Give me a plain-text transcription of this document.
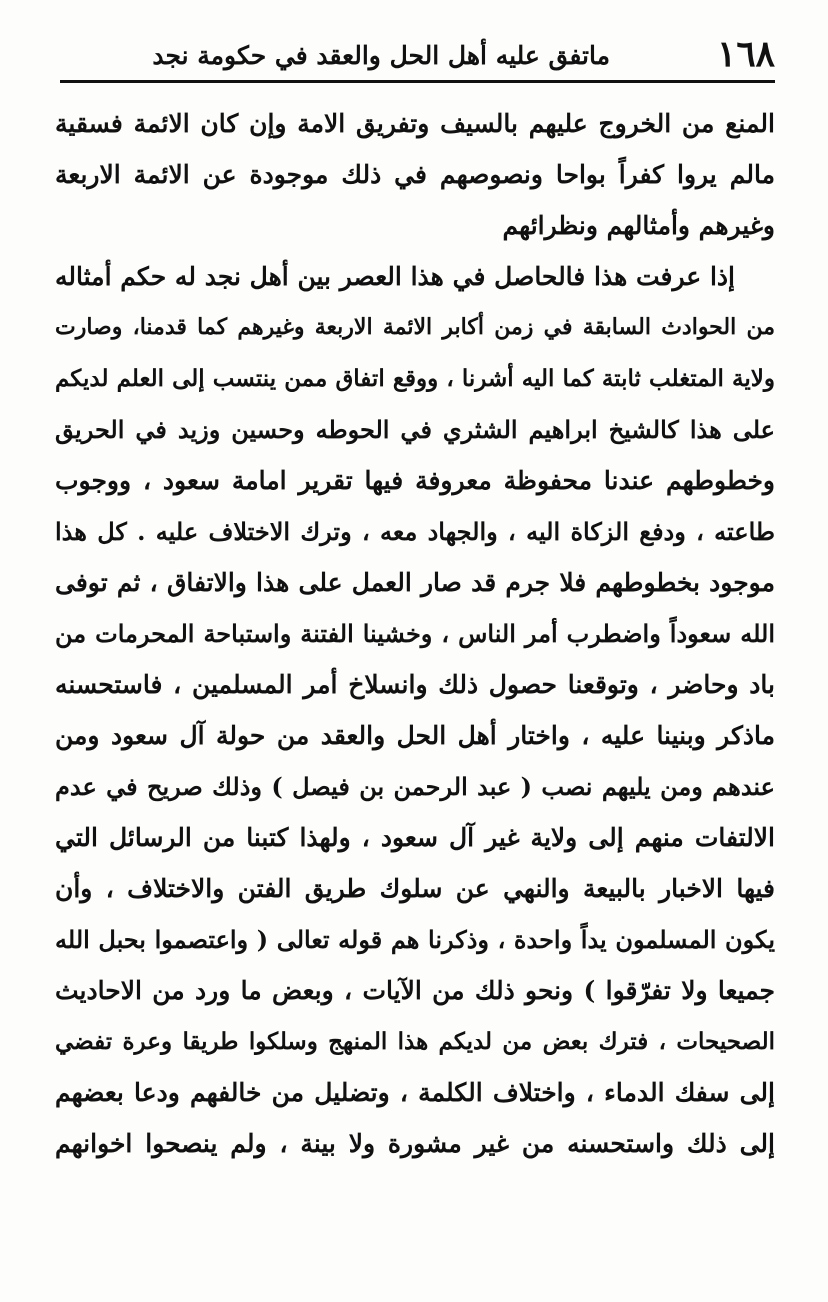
١٦٨
ماتفق عليه أهل الحل والعقد في حكومة نجد
المنع من الخروج عليهم بالسيف وتفريق الامة وإن كان الائمة فسقية
مالم يروا كفراً بواحا ونصوصهم في ذلك موجودة عن الائمة الاربعة
وغيرهم وأمثالهم ونظرائهم
إذا عرفت هذا فالحاصل في هذا العصر بين أهل نجد له حكم أمثاله
من الحوادث السابقة في زمن أكابر الائمة الاربعة وغيرهم كما قدمنا، وصارت
ولاية المتغلب ثابتة كما اليه أشرنا ، ووقع اتفاق ممن ينتسب إلى العلم لديكم
على هذا كالشيخ ابراهيم الشثري في الحوطه وحسين وزيد في الحريق
وخطوطهم عندنا محفوظة معروفة فيها تقرير امامة سعود ، ووجوب
طاعته ، ودفع الزكاة اليه ، والجهاد معه ، وترك الاختلاف عليه . كل هذا
موجود بخطوطهم فلا جرم قد صار العمل على هذا والاتفاق ، ثم توفى
الله سعوداً واضطرب أمر الناس ، وخشينا الفتنة واستباحة المحرمات من
باد وحاضر ، وتوقعنا حصول ذلك وانسلاخ أمر المسلمين ، فاستحسنه
ماذكر وبنينا عليه ، واختار أهل الحل والعقد من حولة آل سعود ومن
عندهم ومن يليهم نصب ( عبد الرحمن بن فيصل ) وذلك صريح في عدم
الالتفات منهم إلى ولاية غير آل سعود ، ولهذا كتبنا من الرسائل التي
فيها الاخبار بالبيعة والنهي عن سلوك طريق الفتن والاختلاف ، وأن
يكون المسلمون يداً واحدة ، وذكرنا هم قوله تعالى ( واعتصموا بحبل الله
جميعا ولا تفرّقوا ) ونحو ذلك من الآيات ، وبعض ما ورد من الاحاديث
الصحيحات ، فترك بعض من لديكم هذا المنهج وسلكوا طريقا وعرة تفضي
إلى سفك الدماء ، واختلاف الكلمة ، وتضليل من خالفهم ودعا بعضهم
إلى ذلك واستحسنه من غير مشورة ولا بينة ، ولم ينصحوا اخوانهم
